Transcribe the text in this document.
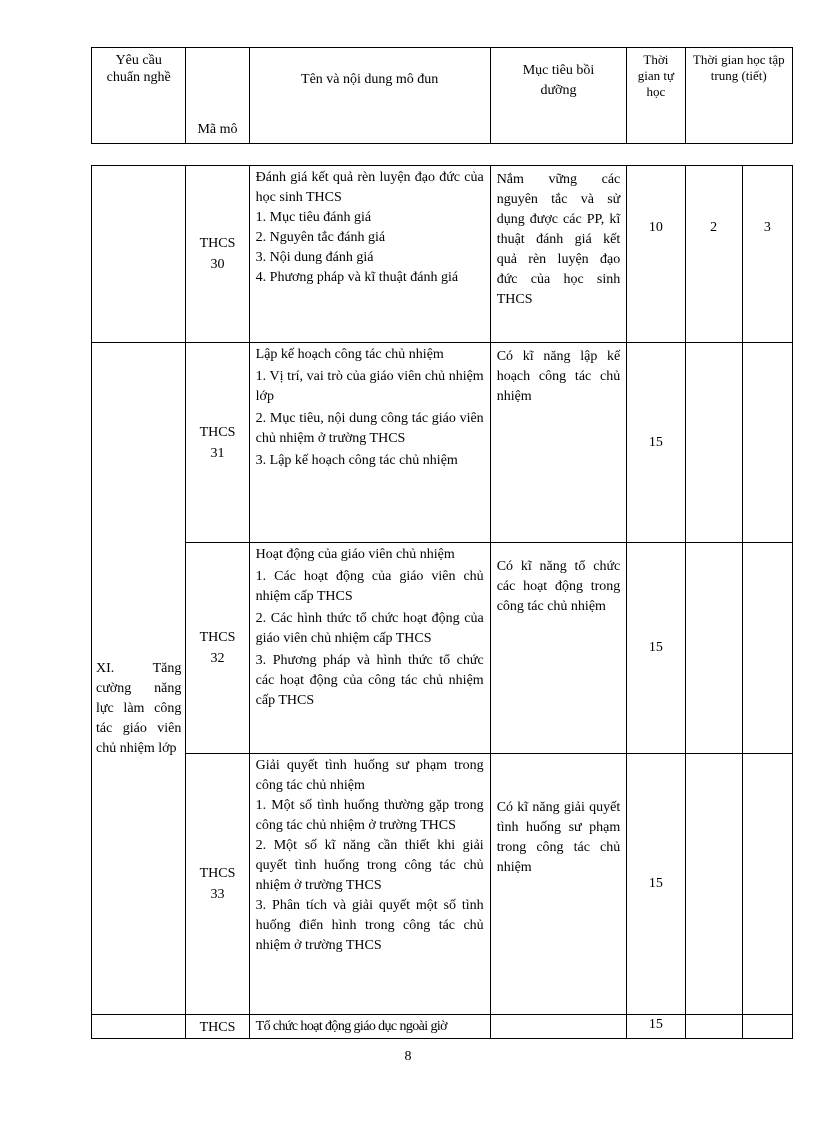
Yêu cầu chuẩn nghề	Mã mô	Tên và nội dung mô đun	Mục tiêu bồi dưỡng	Thời gian tự học	Thời gian học tập trung (tiết)
	THCS 30	Đánh giá kết quả rèn luyện đạo đức của học sinh THCS
1. Mục tiêu đánh giá
2. Nguyên tắc đánh giá
3. Nội dung đánh giá
4. Phương pháp và kĩ thuật đánh giá	Nắm vững các nguyên tắc và sử dụng được các PP, kĩ thuật đánh giá kết quả rèn luyện đạo đức của học sinh THCS	10	2	3
XI. Tăng cường năng lực làm công tác giáo viên chủ nhiệm lớp	THCS 31	Lập kế hoạch công tác chủ nhiệm
1. Vị trí, vai trò của giáo viên chủ nhiệm lớp
2. Mục tiêu, nội dung công tác giáo viên chủ nhiệm ở trường THCS
3. Lập kế hoạch công tác chủ nhiệm	Có kĩ năng lập kế hoạch công tác chủ nhiệm	15		
	THCS 32	Hoạt động của giáo viên chủ nhiệm
1. Các hoạt động của giáo viên chủ nhiệm cấp THCS
2. Các hình thức tổ chức hoạt động của giáo viên chủ nhiệm cấp THCS
3. Phương pháp và hình thức tổ chức các hoạt động của công tác chủ nhiệm cấp THCS	Có kĩ năng tổ chức các hoạt động trong công tác chủ nhiệm	15		
	THCS 33	Giải quyết tình huống sư phạm trong công tác chủ nhiệm
1. Một số tình huống thường gặp trong công tác chủ nhiệm ở trường THCS
2. Một số kĩ năng cần thiết khi giải quyết tình huống trong công tác chủ nhiệm ở trường THCS
3. Phân tích và giải quyết một số tình huống điển hình trong công tác chủ nhiệm ở trường THCS	Có kĩ năng giải quyết tình huống sư phạm trong công tác chủ nhiệm	15		
	THCS	Tổ chức hoạt động giáo dục ngoài giờ		15		
8
